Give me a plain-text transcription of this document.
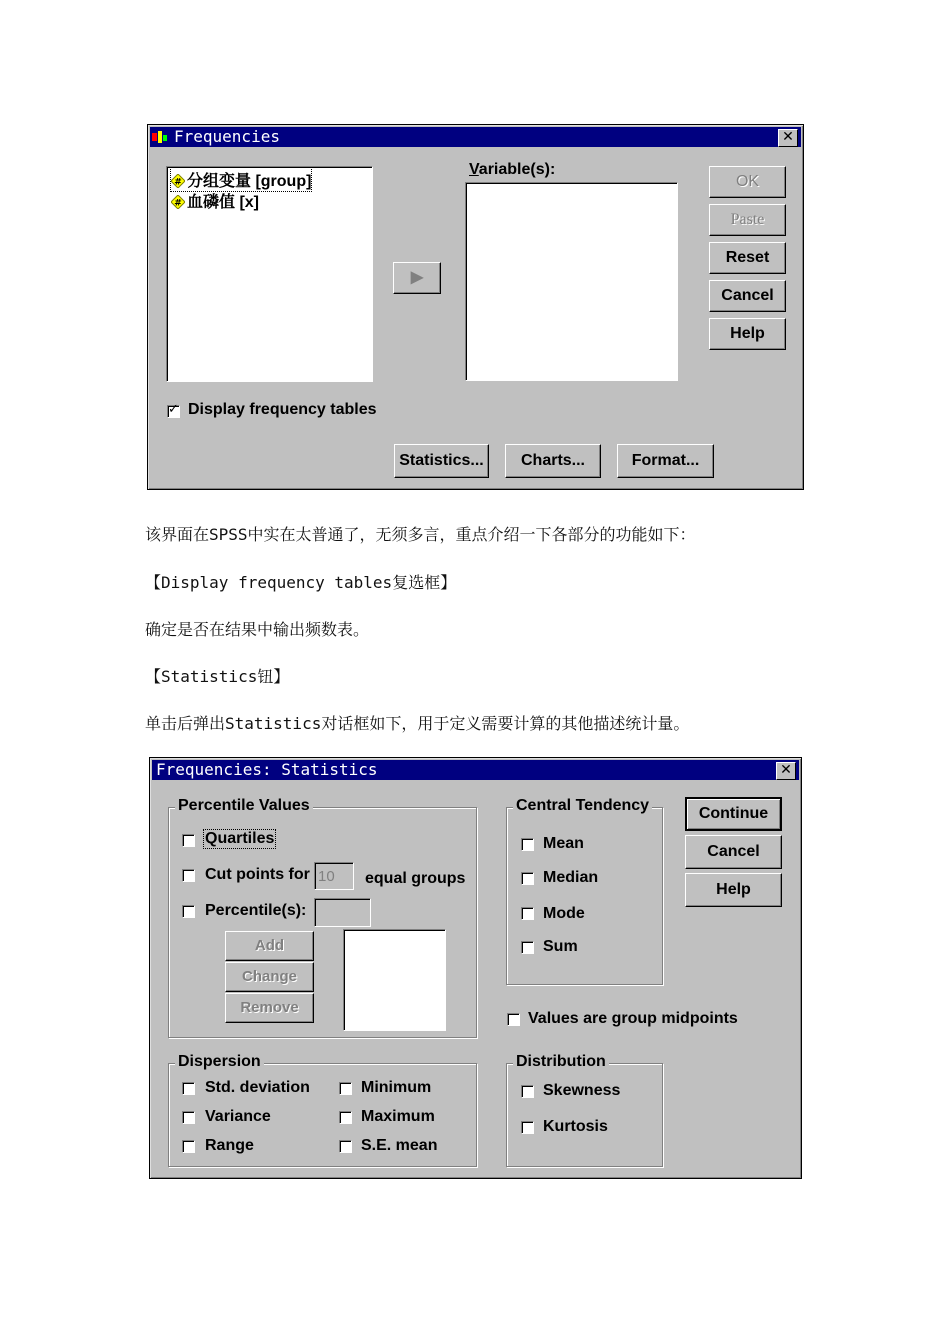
Frequencies	✕
# 分组变量 [group]
# 血磷值 [x]
▶
Variable(s):
OK
Paste
Reset
Cancel
Help
✓
Display frequency tables
Statistics...	Charts...	Format...
该界面在SPSS中实在太普通了，无须多言，重点介绍一下各部分的功能如下：
【Display frequency tables复选框】
确定是否在结果中输出频数表。
【Statistics钮】
单击后弹出Statistics对话框如下，用于定义需要计算的其他描述统计量。
Frequencies: Statistics	✕
Percentile Values
Quartiles
Cut points for 10 equal groups
Percentile(s):
Add
Change
Remove
Central Tendency
Mean
Median
Mode
Sum
Continue
Cancel
Help
Values are group midpoints
Dispersion
Std. deviation
Variance
Range
Minimum
Maximum
S.E. mean
Distribution
Skewness
Kurtosis
